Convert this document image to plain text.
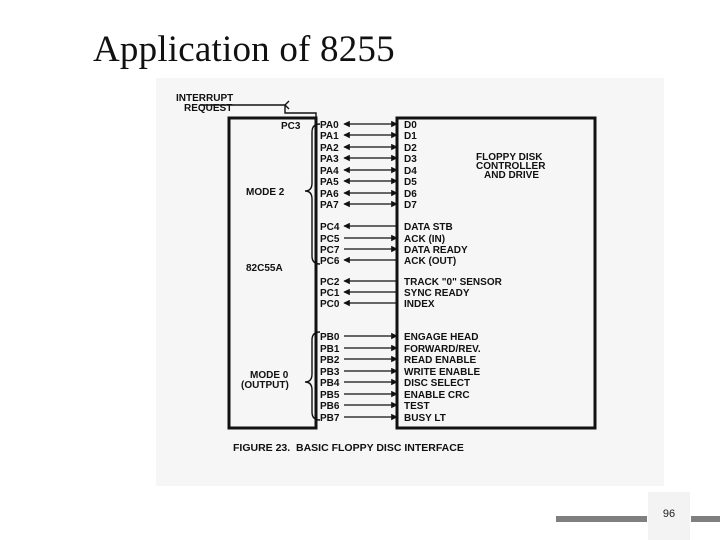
Application of 8255
INTERRUPT
REQUEST
PC3
MODE 2
82C55A
MODE 0
(OUTPUT)
FLOPPY DISK
CONTROLLER
AND DRIVE
PA0	D0
PA1	D1
PA2	D2
PA3	D3
PA4	D4
PA5	D5
PA6	D6
PA7	D7
PC4	DATA STB
PC5	ACK (IN)
PC7	DATA READY
PC6	ACK (OUT)
PC2	TRACK "0" SENSOR
PC1	SYNC READY
PC0	INDEX
PB0	ENGAGE HEAD
PB1	FORWARD/REV.
PB2	READ ENABLE
PB3	WRITE ENABLE
PB4	DISC SELECT
PB5	ENABLE CRC
PB6	TEST
PB7	BUSY LT
FIGURE 23.  BASIC FLOPPY DISC INTERFACE
96
